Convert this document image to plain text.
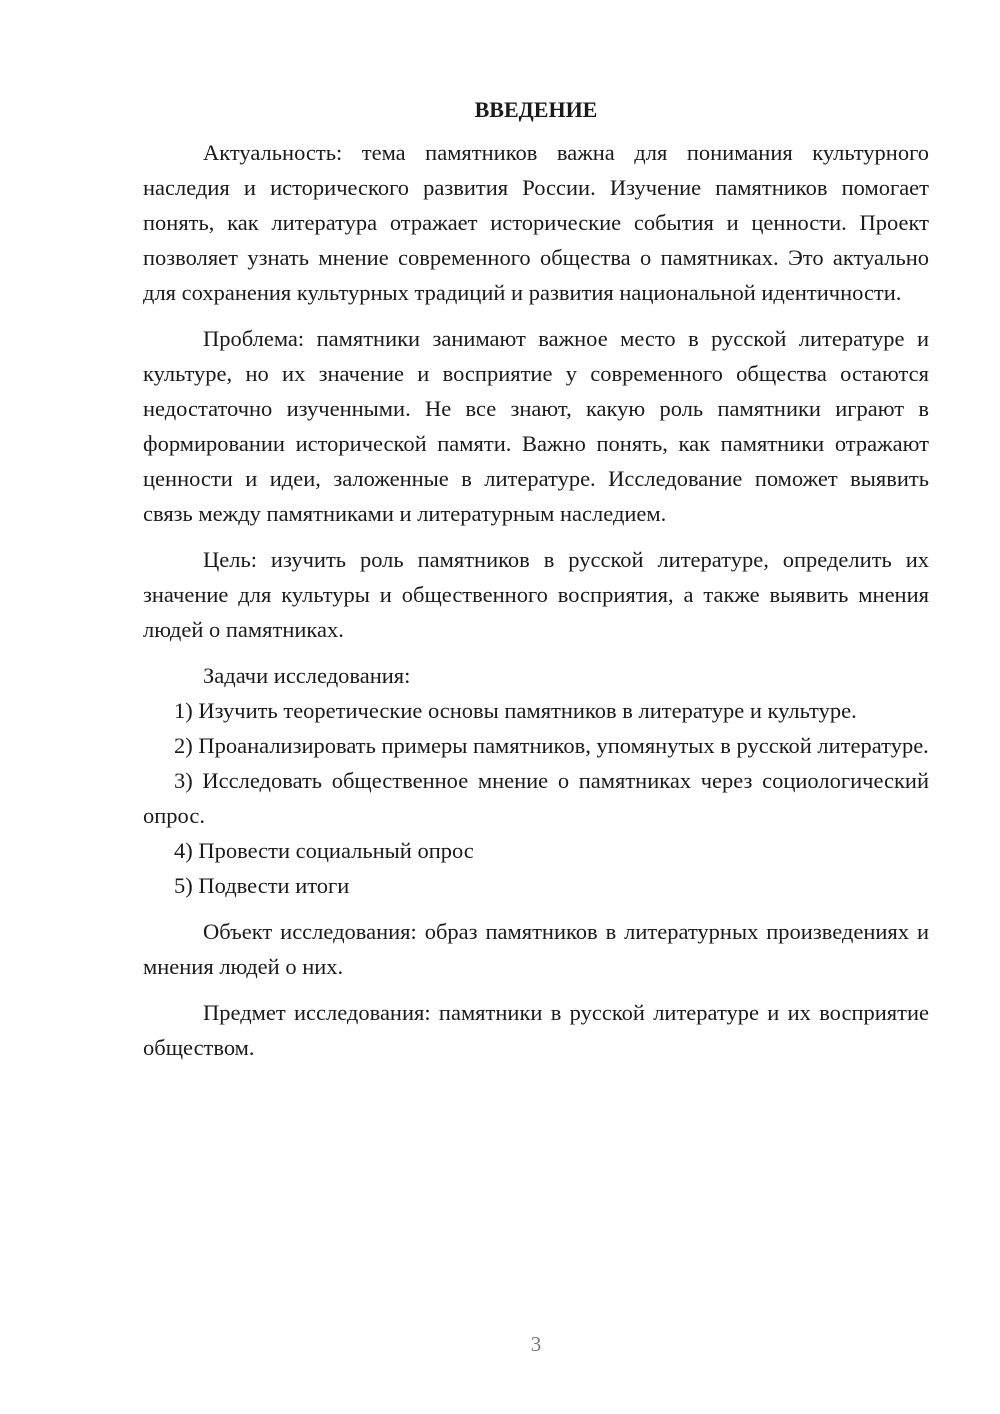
ВВЕДЕНИЕ

Актуальность: тема памятников важна для понимания культурного наследия и исторического развития России. Изучение памятников помогает понять, как литература отражает исторические события и ценности. Проект позволяет узнать мнение современного общества о памятниках. Это актуально для сохранения культурных традиций и развития национальной идентичности.

Проблема: памятники занимают важное место в русской литературе и культуре, но их значение и восприятие у современного общества остаются недостаточно изученными. Не все знают, какую роль памятники играют в формировании исторической памяти. Важно понять, как памятники отражают ценности и идеи, заложенные в литературе. Исследование поможет выявить связь между памятниками и литературным наследием.

Цель: изучить роль памятников в русской литературе, определить их значение для культуры и общественного восприятия, а также выявить мнения людей о памятниках.

Задачи исследования:

1) Изучить теоретические основы памятников в литературе и культуре.

2) Проанализировать примеры памятников, упомянутых в русской литературе.

3) Исследовать общественное мнение о памятниках через социологический опрос.

4) Провести социальный опрос

5) Подвести итоги

Объект исследования: образ памятников в литературных произведениях и мнения людей о них.

Предмет исследования: памятники в русской литературе и их восприятие обществом.

3
